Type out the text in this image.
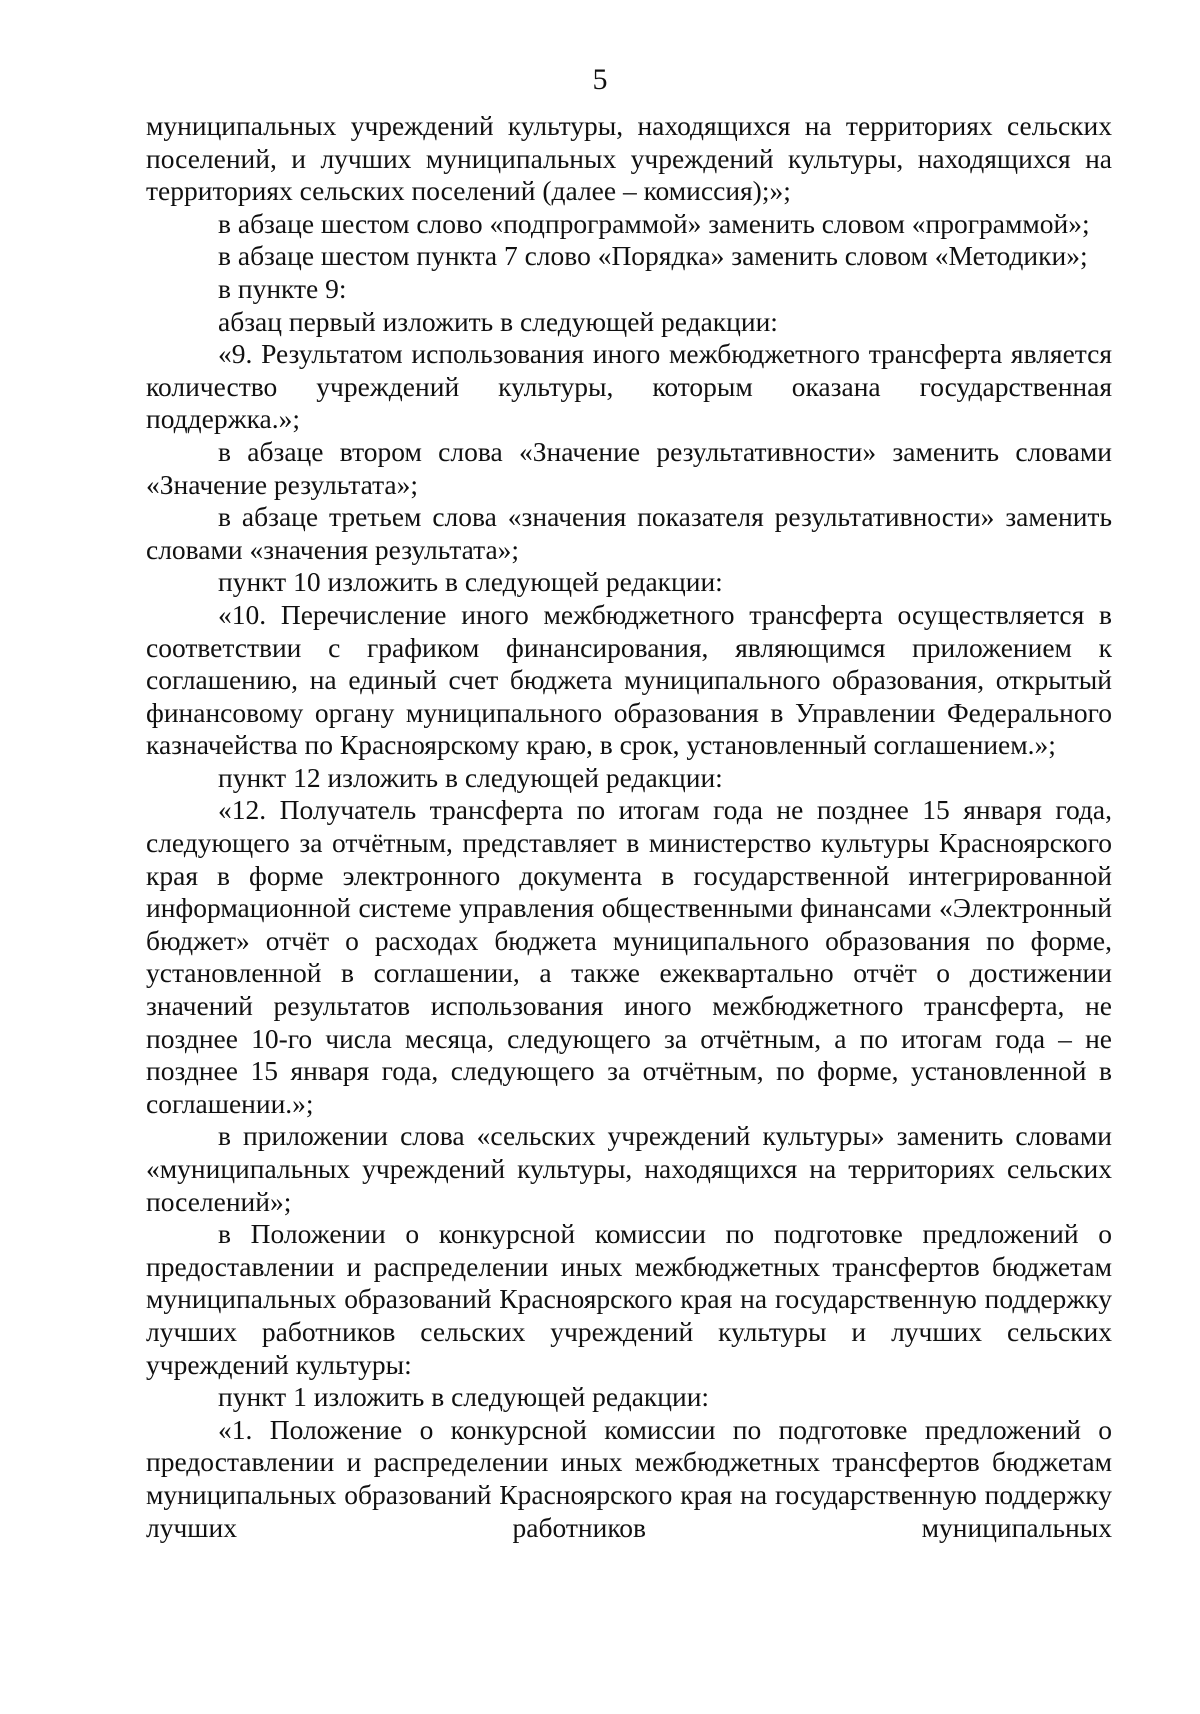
5

муниципальных учреждений культуры, находящихся на территориях сельских поселений, и лучших муниципальных учреждений культуры, находящихся на территориях сельских поселений (далее – комиссия);»;

в абзаце шестом слово «подпрограммой» заменить словом «программой»;

в абзаце шестом пункта 7 слово «Порядка» заменить словом «Методики»;

в пункте 9:

абзац первый изложить в следующей редакции:

«9. Результатом использования иного межбюджетного трансферта является количество учреждений культуры, которым оказана государственная поддержка.»;

в абзаце втором слова «Значение результативности» заменить словами «Значение результата»;

в абзаце третьем слова «значения показателя результативности» заменить словами «значения результата»;

пункт 10 изложить в следующей редакции:

«10. Перечисление иного межбюджетного трансферта осуществляется в соответствии с графиком финансирования, являющимся приложением к соглашению, на единый счет бюджета муниципального образования, открытый финансовому органу муниципального образования в Управлении Федерального казначейства по Красноярскому краю, в срок, установленный соглашением.»;

пункт 12 изложить в следующей редакции:

«12. Получатель трансферта по итогам года не позднее 15 января года, следующего за отчётным, представляет в министерство культуры Красноярского края в форме электронного документа в государственной интегрированной информационной системе управления общественными финансами «Электронный бюджет» отчёт о расходах бюджета муниципального образования по форме, установленной в соглашении, а также ежеквартально отчёт о достижении значений результатов использования иного межбюджетного трансферта, не позднее 10-го числа месяца, следующего за отчётным, а по итогам года – не позднее 15 января года, следующего за отчётным, по форме, установленной в соглашении.»;

в приложении слова «сельских учреждений культуры» заменить словами «муниципальных учреждений культуры, находящихся на территориях сельских поселений»;

в Положении о конкурсной комиссии по подготовке предложений о предоставлении и распределении иных межбюджетных трансфертов бюджетам муниципальных образований Красноярского края на государственную поддержку лучших работников сельских учреждений культуры и лучших сельских учреждений культуры:

пункт 1 изложить в следующей редакции:

«1. Положение о конкурсной комиссии по подготовке предложений о предоставлении и распределении иных межбюджетных трансфертов бюджетам муниципальных образований Красноярского края на государственную поддержку лучших работников муниципальных
